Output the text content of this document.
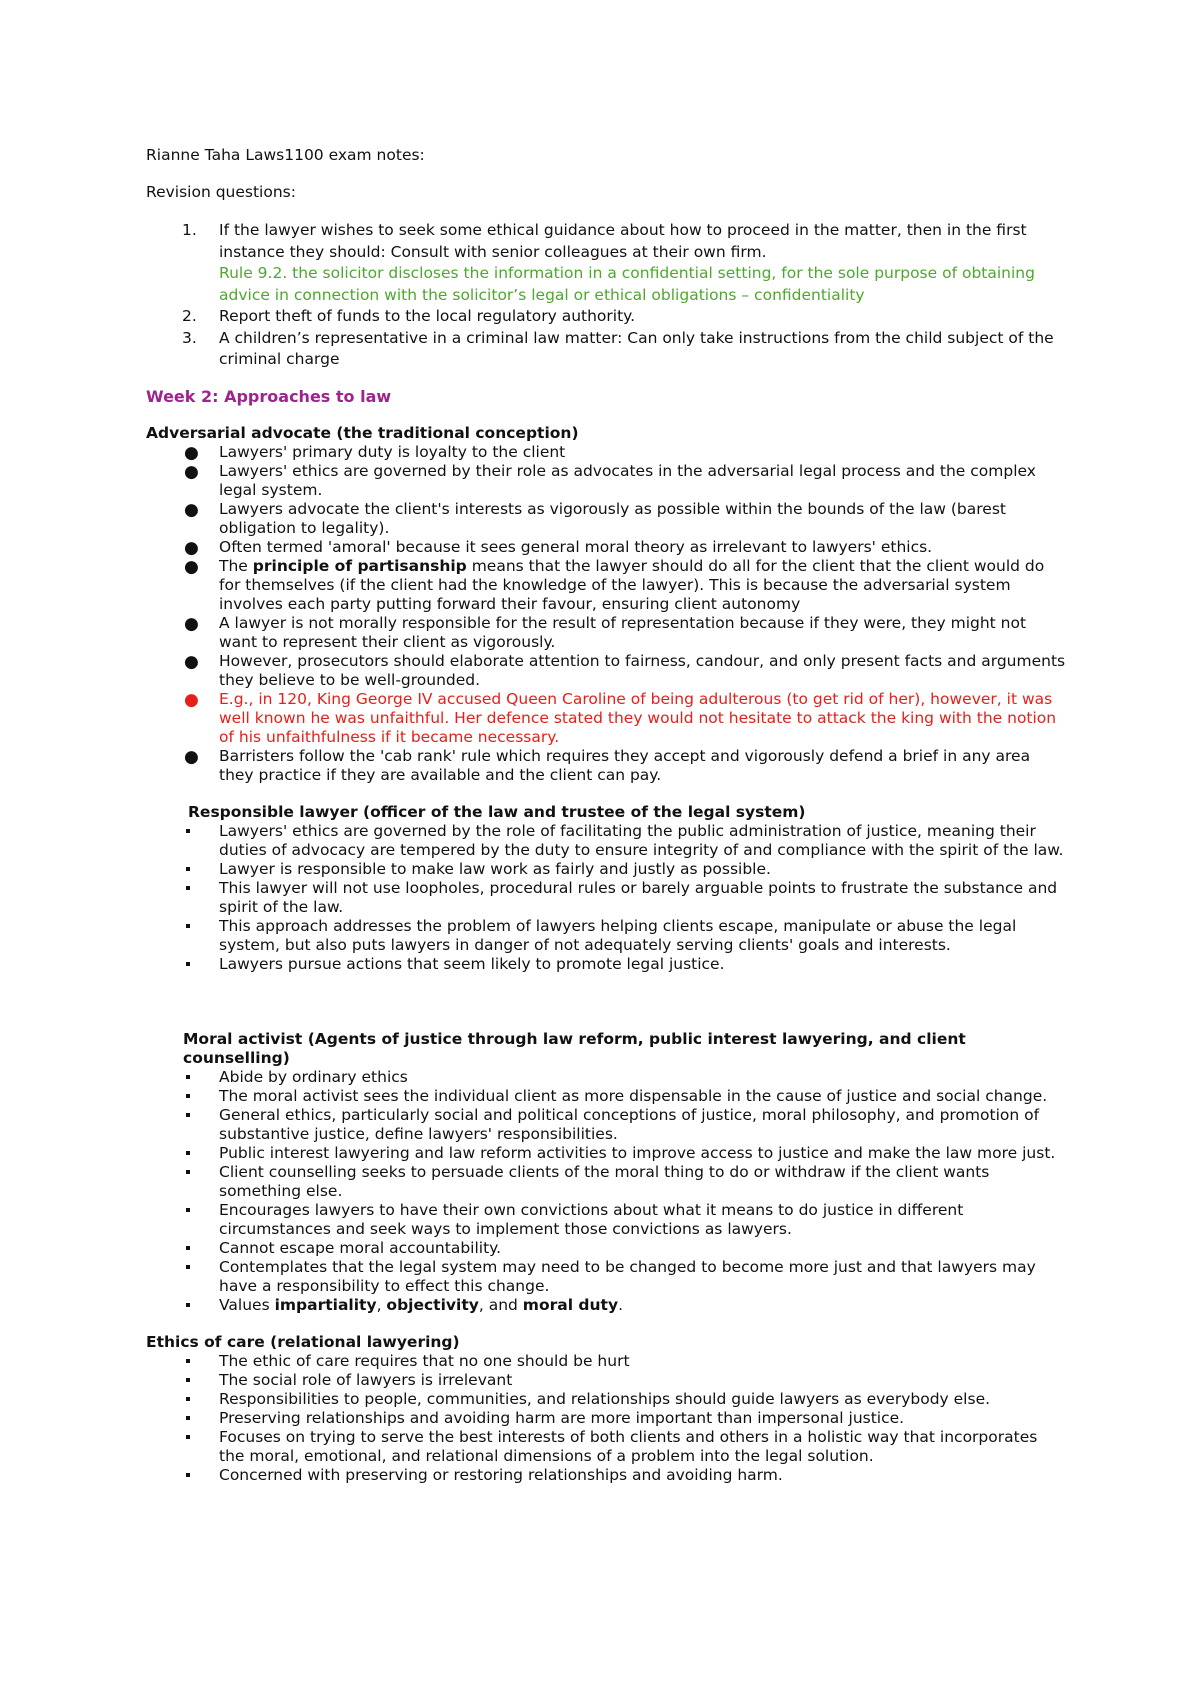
Rianne Taha Laws1100 exam notes:

Revision questions:

1. If the lawyer wishes to seek some ethical guidance about how to proceed in the matter, then in the first instance they should: Consult with senior colleagues at their own firm.
Rule 9.2. the solicitor discloses the information in a confidential setting, for the sole purpose of obtaining advice in connection with the solicitor’s legal or ethical obligations – confidentiality
2. Report theft of funds to the local regulatory authority.
3. A children’s representative in a criminal law matter: Can only take instructions from the child subject of the criminal charge

Week 2: Approaches to law

Adversarial advocate (the traditional conception)

● Lawyers' primary duty is loyalty to the client
● Lawyers' ethics are governed by their role as advocates in the adversarial legal process and the complex legal system.
● Lawyers advocate the client's interests as vigorously as possible within the bounds of the law (barest obligation to legality).
● Often termed 'amoral' because it sees general moral theory as irrelevant to lawyers' ethics.
● The principle of partisanship means that the lawyer should do all for the client that the client would do for themselves (if the client had the knowledge of the lawyer). This is because the adversarial system involves each party putting forward their favour, ensuring client autonomy
● A lawyer is not morally responsible for the result of representation because if they were, they might not want to represent their client as vigorously.
● However, prosecutors should elaborate attention to fairness, candour, and only present facts and arguments they believe to be well-grounded.
● E.g., in 120, King George IV accused Queen Caroline of being adulterous (to get rid of her), however, it was well known he was unfaithful. Her defence stated they would not hesitate to attack the king with the notion of his unfaithfulness if it became necessary.
● Barristers follow the 'cab rank' rule which requires they accept and vigorously defend a brief in any area they practice if they are available and the client can pay.

Responsible lawyer (officer of the law and trustee of the legal system)

Lawyers' ethics are governed by the role of facilitating the public administration of justice, meaning their duties of advocacy are tempered by the duty to ensure integrity of and compliance with the spirit of the law.
Lawyer is responsible to make law work as fairly and justly as possible.
This lawyer will not use loopholes, procedural rules or barely arguable points to frustrate the substance and spirit of the law.
This approach addresses the problem of lawyers helping clients escape, manipulate or abuse the legal system, but also puts lawyers in danger of not adequately serving clients' goals and interests.
Lawyers pursue actions that seem likely to promote legal justice.

Moral activist (Agents of justice through law reform, public interest lawyering, and client counselling)

Abide by ordinary ethics
The moral activist sees the individual client as more dispensable in the cause of justice and social change.
General ethics, particularly social and political conceptions of justice, moral philosophy, and promotion of substantive justice, define lawyers' responsibilities.
Public interest lawyering and law reform activities to improve access to justice and make the law more just.
Client counselling seeks to persuade clients of the moral thing to do or withdraw if the client wants something else.
Encourages lawyers to have their own convictions about what it means to do justice in different circumstances and seek ways to implement those convictions as lawyers.
Cannot escape moral accountability.
Contemplates that the legal system may need to be changed to become more just and that lawyers may have a responsibility to effect this change.
Values impartiality, objectivity, and moral duty.

Ethics of care (relational lawyering)

The ethic of care requires that no one should be hurt
The social role of lawyers is irrelevant
Responsibilities to people, communities, and relationships should guide lawyers as everybody else.
Preserving relationships and avoiding harm are more important than impersonal justice.
Focuses on trying to serve the best interests of both clients and others in a holistic way that incorporates the moral, emotional, and relational dimensions of a problem into the legal solution.
Concerned with preserving or restoring relationships and avoiding harm.
